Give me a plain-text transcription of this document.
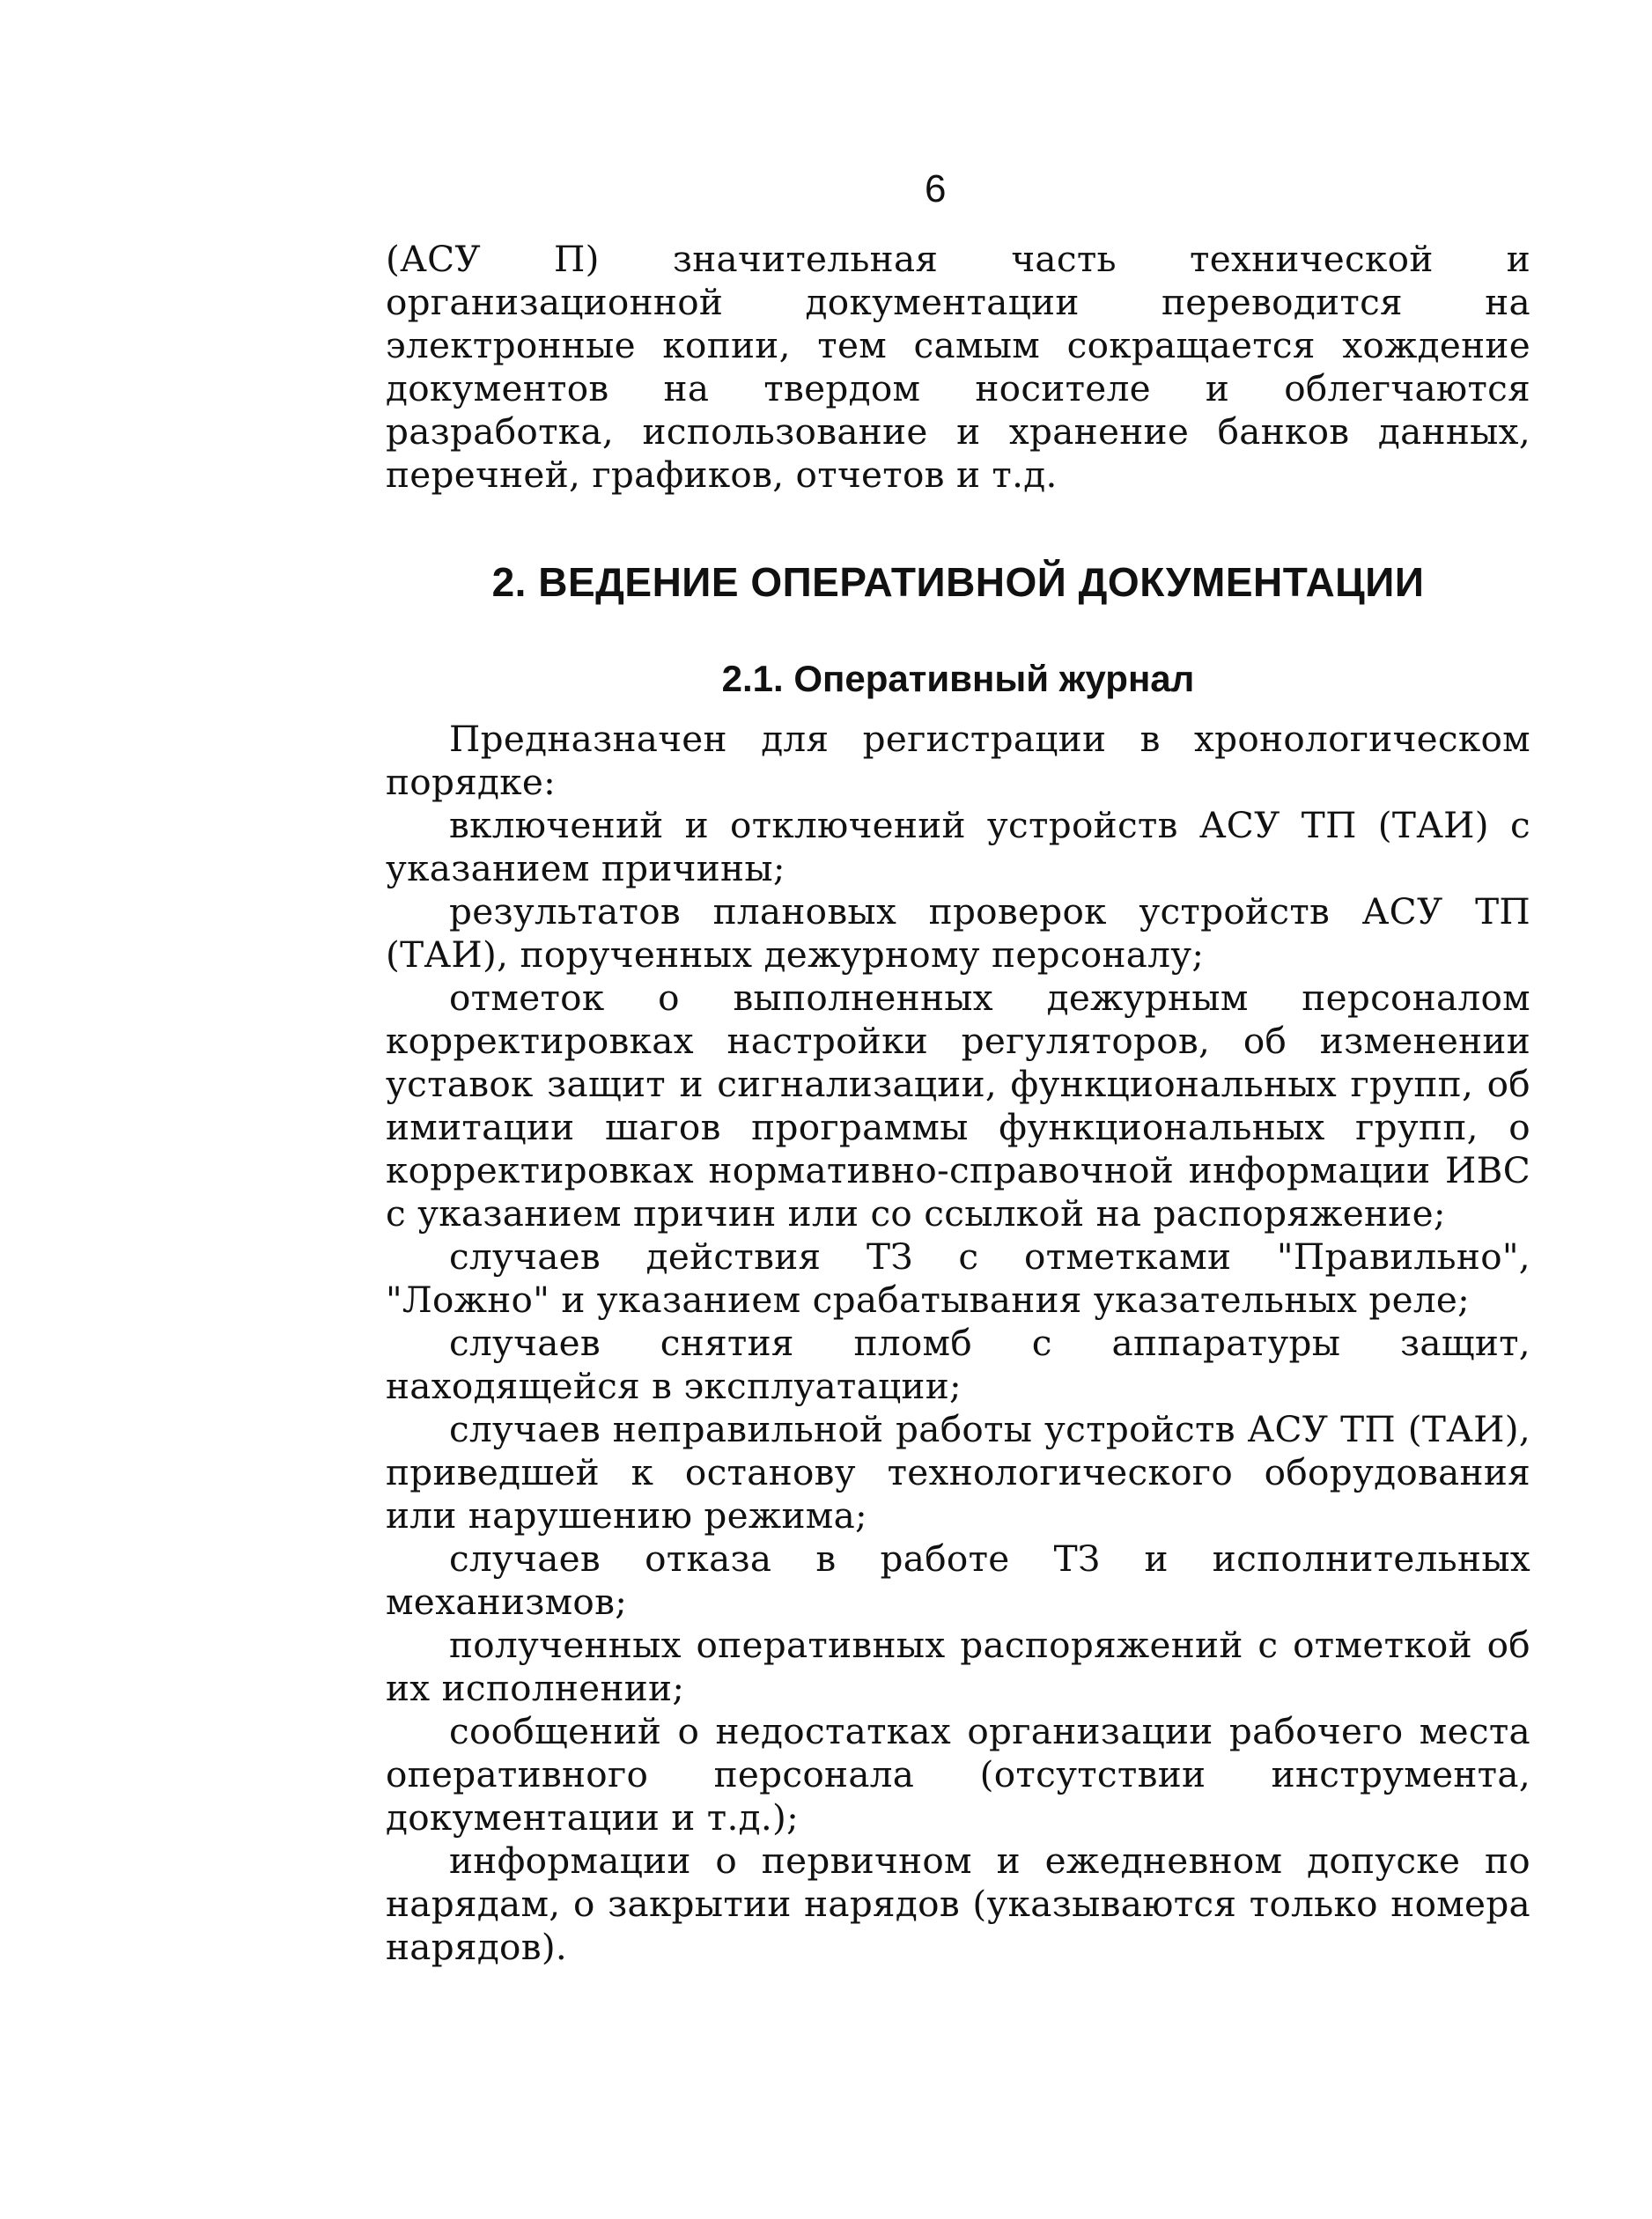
6

(АСУ П) значительная часть технической и организационной документации переводится на электронные копии, тем самым сокращается хождение документов на твердом носителе и облегчаются разработка, использование и хранение банков данных, перечней, графиков, отчетов и т.д.

2. ВЕДЕНИЕ ОПЕРАТИВНОЙ ДОКУМЕНТАЦИИ
2.1. Оперативный журнал

Предназначен для регистрации в хронологическом порядке:

включений и отключений устройств АСУ ТП (ТАИ) с указанием причины;

результатов плановых проверок устройств АСУ ТП (ТАИ), порученных дежурному персоналу;

отметок о выполненных дежурным персоналом корректировках настройки регуляторов, об изменении уставок защит и сигнализации, функциональных групп, об имитации шагов программы функциональных групп, о корректировках нормативно-справочной информации ИВС с указанием причин или со ссылкой на распоряжение;

случаев действия ТЗ с отметками "Правильно", "Ложно" и указанием срабатывания указательных реле;

случаев снятия пломб с аппаратуры защит, находящейся в эксплуатации;

случаев неправильной работы устройств АСУ ТП (ТАИ), приведшей к останову технологического оборудования или нарушению режима;

случаев отказа в работе ТЗ и исполнительных механизмов;

полученных оперативных распоряжений с отметкой об их исполнении;

сообщений о недостатках организации рабочего места оперативного персонала (отсутствии инструмента, документации и т.д.);

информации о первичном и ежедневном допуске по нарядам, о закрытии нарядов (указываются только номера нарядов).
